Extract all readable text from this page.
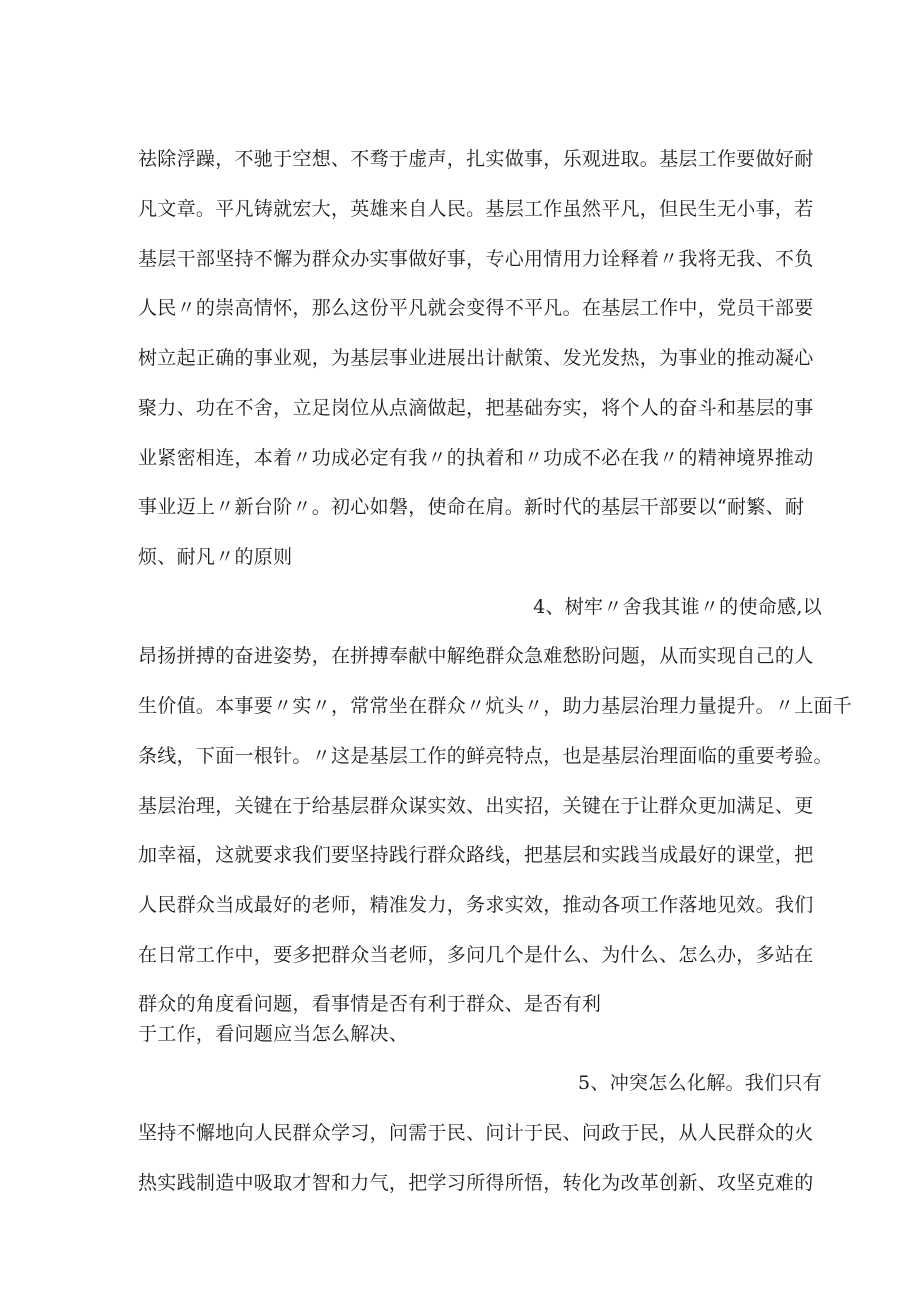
祛除浮躁，不驰于空想、不骛于虚声，扎实做事，乐观进取。基层工作要做好耐
凡文章。平凡铸就宏大，英雄来自人民。基层工作虽然平凡，但民生无小事，若
基层干部坚持不懈为群众办实事做好事，专心用情用力诠释着〃我将无我、不负
人民〃的崇高情怀，那么这份平凡就会变得不平凡。在基层工作中，党员干部要
树立起正确的事业观，为基层事业进展出计献策、发光发热，为事业的推动凝心
聚力、功在不舍，立足岗位从点滴做起，把基础夯实，将个人的奋斗和基层的事
业紧密相连，本着〃功成必定有我〃的执着和〃功成不必在我〃的精神境界推动
事业迈上〃新台阶〃。初心如磐，使命在肩。新时代的基层干部要以“耐繁、耐
烦、耐凡〃的原则
4、树牢〃舍我其谁〃的使命感,以
昂扬拼搏的奋进姿势，在拼搏奉献中解绝群众急难愁盼问题，从而实现自己的人
生价值。本事要〃实〃，常常坐在群众〃炕头〃，助力基层治理力量提升。〃上面千
条线，下面一根针。〃这是基层工作的鲜亮特点，也是基层治理面临的重要考验。
基层治理，关键在于给基层群众谋实效、出实招，关键在于让群众更加满足、更
加幸福，这就要求我们要坚持践行群众路线，把基层和实践当成最好的课堂，把
人民群众当成最好的老师，精准发力，务求实效，推动各项工作落地见效。我们
在日常工作中，要多把群众当老师，多问几个是什么、为什么、怎么办，多站在
群众的角度看问题，看事情是否有利于群众、是否有利
于工作，看问题应当怎么解决、
5、冲突怎么化解。我们只有
坚持不懈地向人民群众学习，问需于民、问计于民、问政于民，从人民群众的火
热实践制造中吸取才智和力气，把学习所得所悟，转化为改革创新、攻坚克难的
